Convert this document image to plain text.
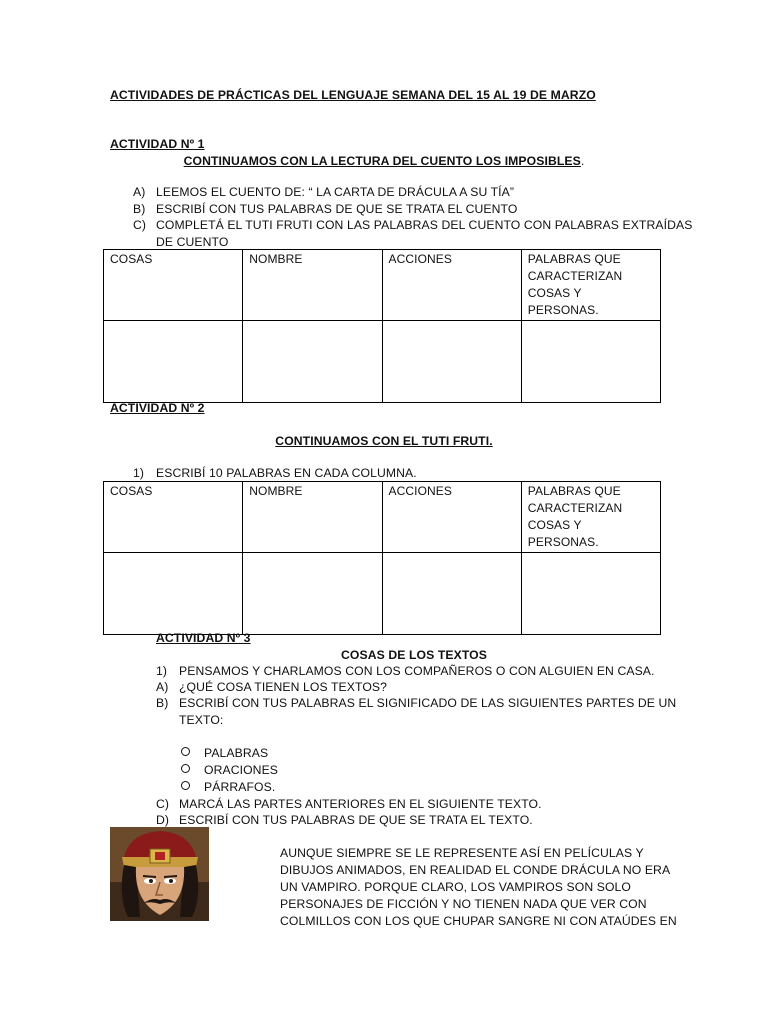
ACTIVIDADES DE PRÁCTICAS DEL LENGUAJE SEMANA DEL 15 AL 19 DE MARZO
ACTIVIDAD Nº 1
CONTINUAMOS CON LA LECTURA DEL CUENTO LOS IMPOSIBLES.
A) LEEMOS EL CUENTO DE: “ LA CARTA DE DRÁCULA A SU TÍA”
B) ESCRIBÍ CON TUS PALABRAS DE QUE SE TRATA EL CUENTO
C) COMPLETÁ EL TUTI FRUTI CON LAS PALABRAS DEL CUENTO CON PALABRAS EXTRAÍDAS
DE CUENTO
COSAS	NOMBRE	ACCIONES	PALABRAS QUE
CARACTERIZAN
COSAS Y PERSONAS.

ACTIVIDAD Nº 2
CONTINUAMOS CON EL TUTI FRUTI.
1) ESCRIBÍ 10 PALABRAS EN CADA COLUMNA.
COSAS	NOMBRE	ACCIONES	PALABRAS QUE
CARACTERIZAN
COSAS Y PERSONAS.

ACTIVIDAD Nº 3
COSAS DE LOS TEXTOS
1) PENSAMOS Y CHARLAMOS CON LOS COMPAÑEROS O CON ALGUIEN EN CASA.
A) ¿QUÉ COSA TIENEN LOS TEXTOS?
B) ESCRIBÍ CON TUS PALABRAS EL SIGNIFICADO DE LAS SIGUIENTES PARTES DE UN
TEXTO:
PALABRAS
ORACIONES
PÁRRAFOS.
C) MARCÁ LAS PARTES ANTERIORES EN EL SIGUIENTE TEXTO.
D) ESCRIBÍ CON TUS PALABRAS DE QUE SE TRATA EL TEXTO.
AUNQUE SIEMPRE SE LE REPRESENTE ASÍ EN PELÍCULAS Y
DIBUJOS ANIMADOS, EN REALIDAD EL CONDE DRÁCULA NO ERA
UN VAMPIRO. PORQUE CLARO, LOS VAMPIROS SON SOLO
PERSONAJES DE FICCIÓN Y NO TIENEN NADA QUE VER CON
COLMILLOS CON LOS QUE CHUPAR SANGRE NI CON ATAÚDES EN
